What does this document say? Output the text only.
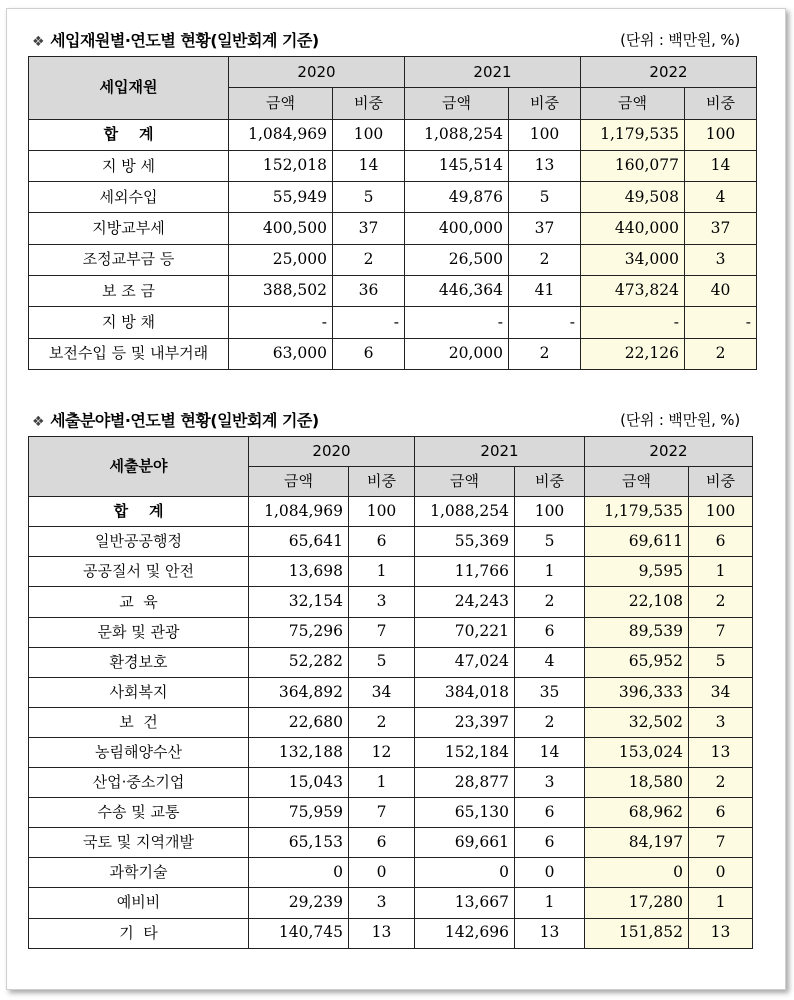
❖ 세입재원별·연도별 현황(일반회계 기준)	(단위 : 백만원, %)
세입재원	2020		2021		2022	
	금액	비중	금액	비중	금액	비중
합    계	1,084,969	100	1,088,254	100	1,179,535	100
지 방 세	152,018	14	145,514	13	160,077	14
세외수입	55,949	5	49,876	5	49,508	4
지방교부세	400,500	37	400,000	37	440,000	37
조정교부금 등	25,000	2	26,500	2	34,000	3
보 조 금	388,502	36	446,364	41	473,824	40
지 방 채	-	-	-	-	-	-
보전수입 등 및 내부거래	63,000	6	20,000	2	22,126	2
❖ 세출분야별·연도별 현황(일반회계 기준)	(단위 : 백만원, %)
세출분야	2020		2021		2022	
	금액	비중	금액	비중	금액	비중
합    계	1,084,969	100	1,088,254	100	1,179,535	100
일반공공행정	65,641	6	55,369	5	69,611	6
공공질서 및 안전	13,698	1	11,766	1	9,595	1
교  육	32,154	3	24,243	2	22,108	2
문화 및 관광	75,296	7	70,221	6	89,539	7
환경보호	52,282	5	47,024	4	65,952	5
사회복지	364,892	34	384,018	35	396,333	34
보  건	22,680	2	23,397	2	32,502	3
농림해양수산	132,188	12	152,184	14	153,024	13
산업·중소기업	15,043	1	28,877	3	18,580	2
수송 및 교통	75,959	7	65,130	6	68,962	6
국토 및 지역개발	65,153	6	69,661	6	84,197	7
과학기술	0	0	0	0	0	0
예비비	29,239	3	13,667	1	17,280	1
기  타	140,745	13	142,696	13	151,852	13
